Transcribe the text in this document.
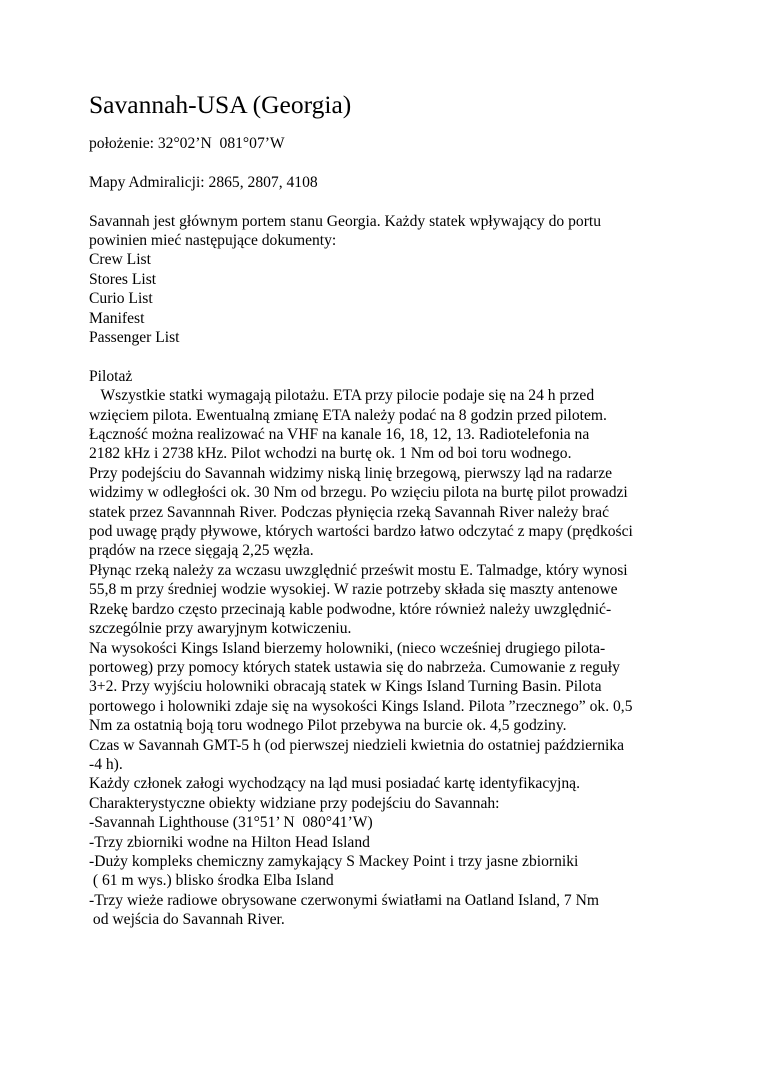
Savannah-USA (Georgia)

położenie: 32°02’N  081°07’W

Mapy Admiralicji: 2865, 2807, 4108

Savannah jest głównym portem stanu Georgia. Każdy statek wpływający do portu

powinien mieć następujące dokumenty:

Crew List

Stores List

Curio List

Manifest

Passenger List

Pilotaż

Wszystkie statki wymagają pilotażu. ETA przy pilocie podaje się na 24 h przed

wzięciem pilota. Ewentualną zmianę ETA należy podać na 8 godzin przed pilotem.

Łączność można realizować na VHF na kanale 16, 18, 12, 13. Radiotelefonia na

2182 kHz i 2738 kHz. Pilot wchodzi na burtę ok. 1 Nm od boi toru wodnego.

Przy podejściu do Savannah widzimy niską linię brzegową, pierwszy ląd na radarze

widzimy w odległości ok. 30 Nm od brzegu. Po wzięciu pilota na burtę pilot prowadzi

statek przez Savannnah River. Podczas płynięcia rzeką Savannah River należy brać

pod uwagę prądy pływowe, których wartości bardzo łatwo odczytać z mapy (prędkości

prądów na rzece sięgają 2,25 węzła.

Płynąc rzeką należy za wczasu uwzględnić prześwit mostu E. Talmadge, który wynosi

55,8 m przy średniej wodzie wysokiej. W razie potrzeby składa się maszty antenowe

Rzekę bardzo często przecinają kable podwodne, które również należy uwzględnić-

szczególnie przy awaryjnym kotwiczeniu.

Na wysokości Kings Island bierzemy holowniki, (nieco wcześniej drugiego pilota-

portoweg) przy pomocy których statek ustawia się do nabrzeża. Cumowanie z reguły

3+2. Przy wyjściu holowniki obracają statek w Kings Island Turning Basin. Pilota

portowego i holowniki zdaje się na wysokości Kings Island. Pilota ”rzecznego” ok. 0,5

Nm za ostatnią boją toru wodnego Pilot przebywa na burcie ok. 4,5 godziny.

Czas w Savannah GMT-5 h (od pierwszej niedzieli kwietnia do ostatniej października

-4 h).

Każdy członek załogi wychodzący na ląd musi posiadać kartę identyfikacyjną.

Charakterystyczne obiekty widziane przy podejściu do Savannah:

-Savannah Lighthouse (31°51’ N  080°41’W)

-Trzy zbiorniki wodne na Hilton Head Island

-Duży kompleks chemiczny zamykający S Mackey Point i trzy jasne zbiorniki

( 61 m wys.) blisko środka Elba Island

-Trzy wieże radiowe obrysowane czerwonymi światłami na Oatland Island, 7 Nm

od wejścia do Savannah River.
